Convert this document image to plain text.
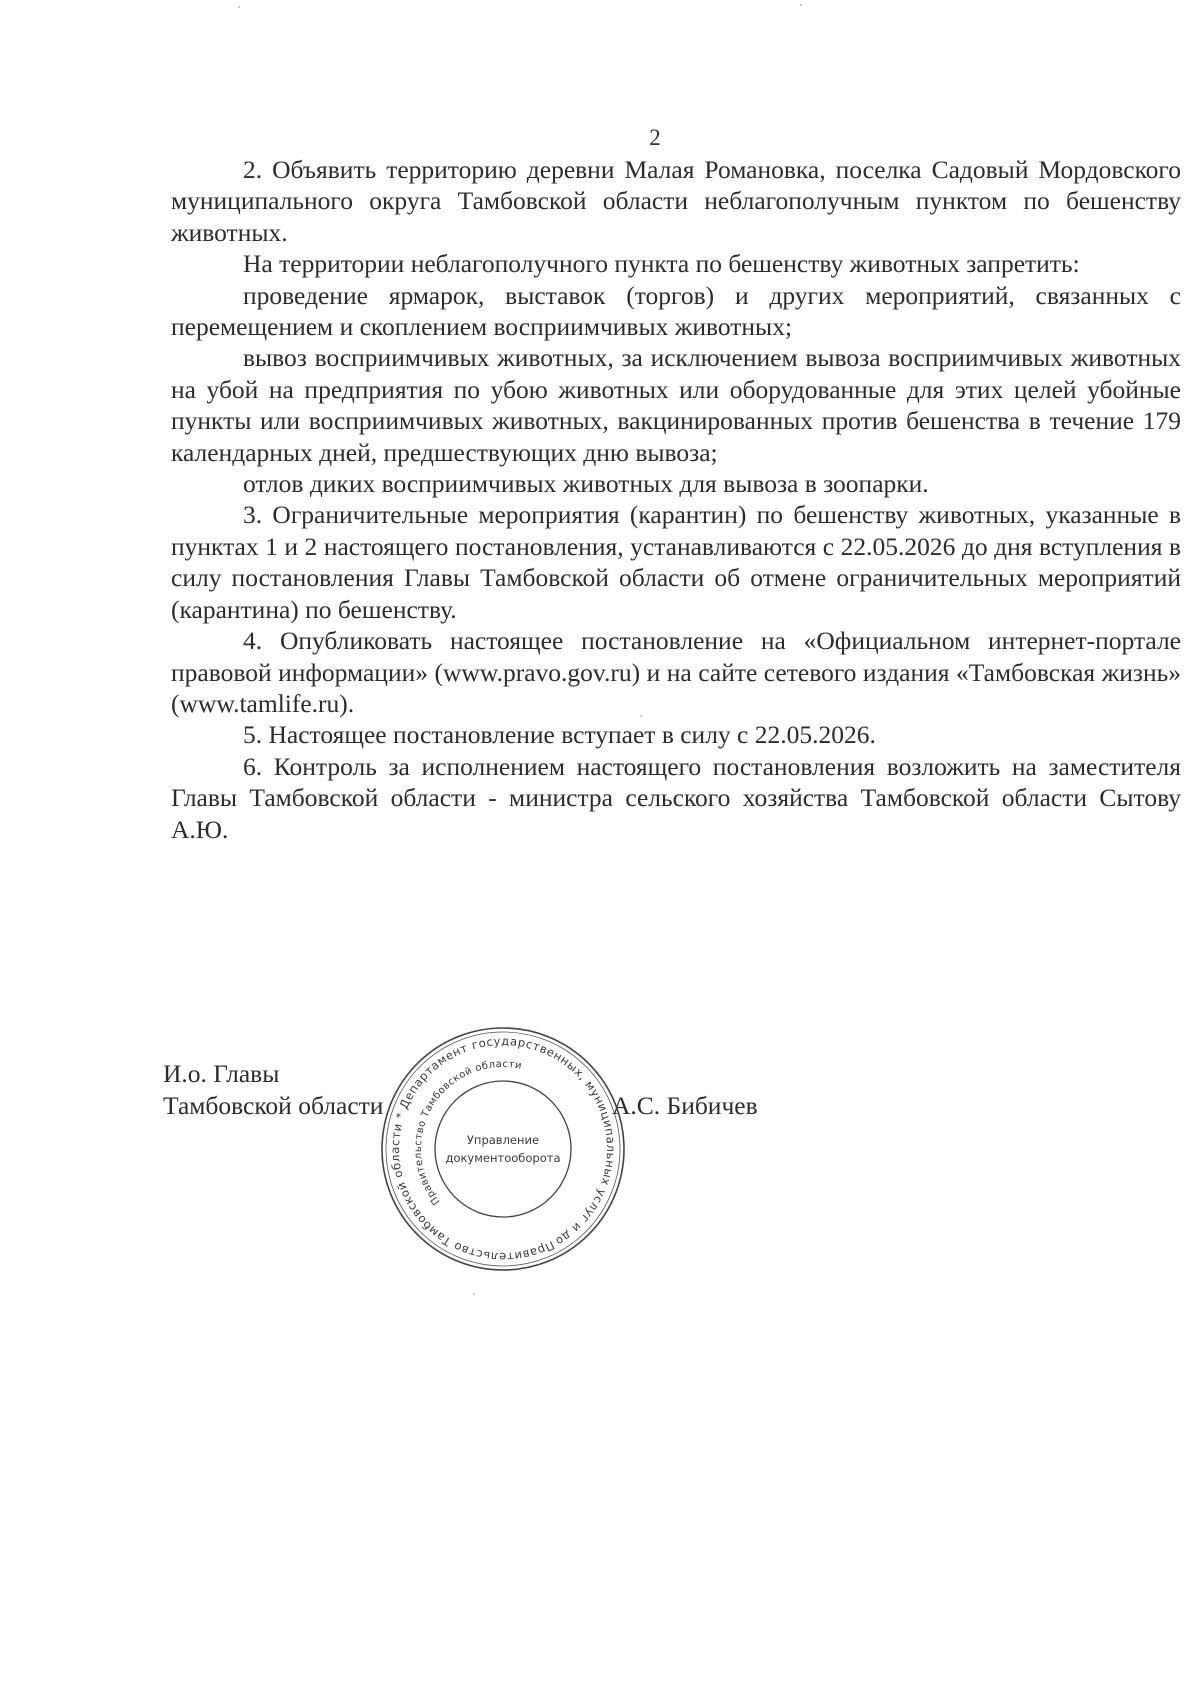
2

2. Объявить территорию деревни Малая Романовка, поселка Садовый Мордовского муниципального округа Тамбовской области неблагополучным пунктом по бешенству животных.

На территории неблагополучного пункта по бешенству животных запретить:

проведение ярмарок, выставок (торгов) и других мероприятий, связанных с перемещением и скоплением восприимчивых животных;

вывоз восприимчивых животных, за исключением вывоза восприимчивых животных на убой на предприятия по убою животных или оборудованные для этих целей убойные пункты или восприимчивых животных, вакцинированных против бешенства в течение 179 календарных дней, предшествующих дню вывоза;

отлов диких восприимчивых животных для вывоза в зоопарки.

3. Ограничительные мероприятия (карантин) по бешенству животных, указанные в пунктах 1 и 2 настоящего постановления, устанавливаются с 22.05.2026 до дня вступления в силу постановления Главы Тамбовской области об отмене ограничительных мероприятий (карантина) по бешенству.

4. Опубликовать настоящее постановление на «Официальном интернет-портале правовой информации» (www.pravo.gov.ru) и на сайте сетевого издания «Тамбовская жизнь» (www.tamlife.ru).

5. Настоящее постановление вступает в силу с 22.05.2026.

6. Контроль за исполнением настоящего постановления возложить на заместителя Главы Тамбовской области - министра сельского хозяйства Тамбовской области Сытову А.Ю.

И.о. Главы
Тамбовской области	А.С. Бибичев
Правительство Тамбовской области * Департамент государственных, муниципальных услуг и документооборота
Правительство Тамбовской области
Управление
документооборота
